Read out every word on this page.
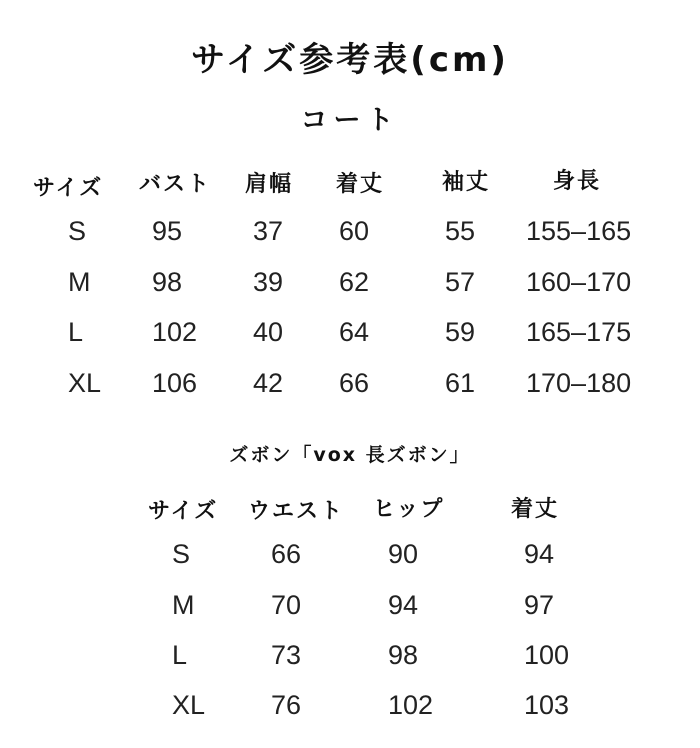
サイズ参考表(cm)
コート
サイズ バスト 肩幅 着丈	袖丈	身長
S 95	37 60	55 155–165
M 98	39 62	57 160–170
L	102 40 64	59 165–175
XL 106 42 66	61 170–180
ズボン「vox 長ズボン」
サイズ ウエスト ヒップ	着丈
S	66	90	94
M	70	94	97
L	73	98	100
XL 76	102	103
